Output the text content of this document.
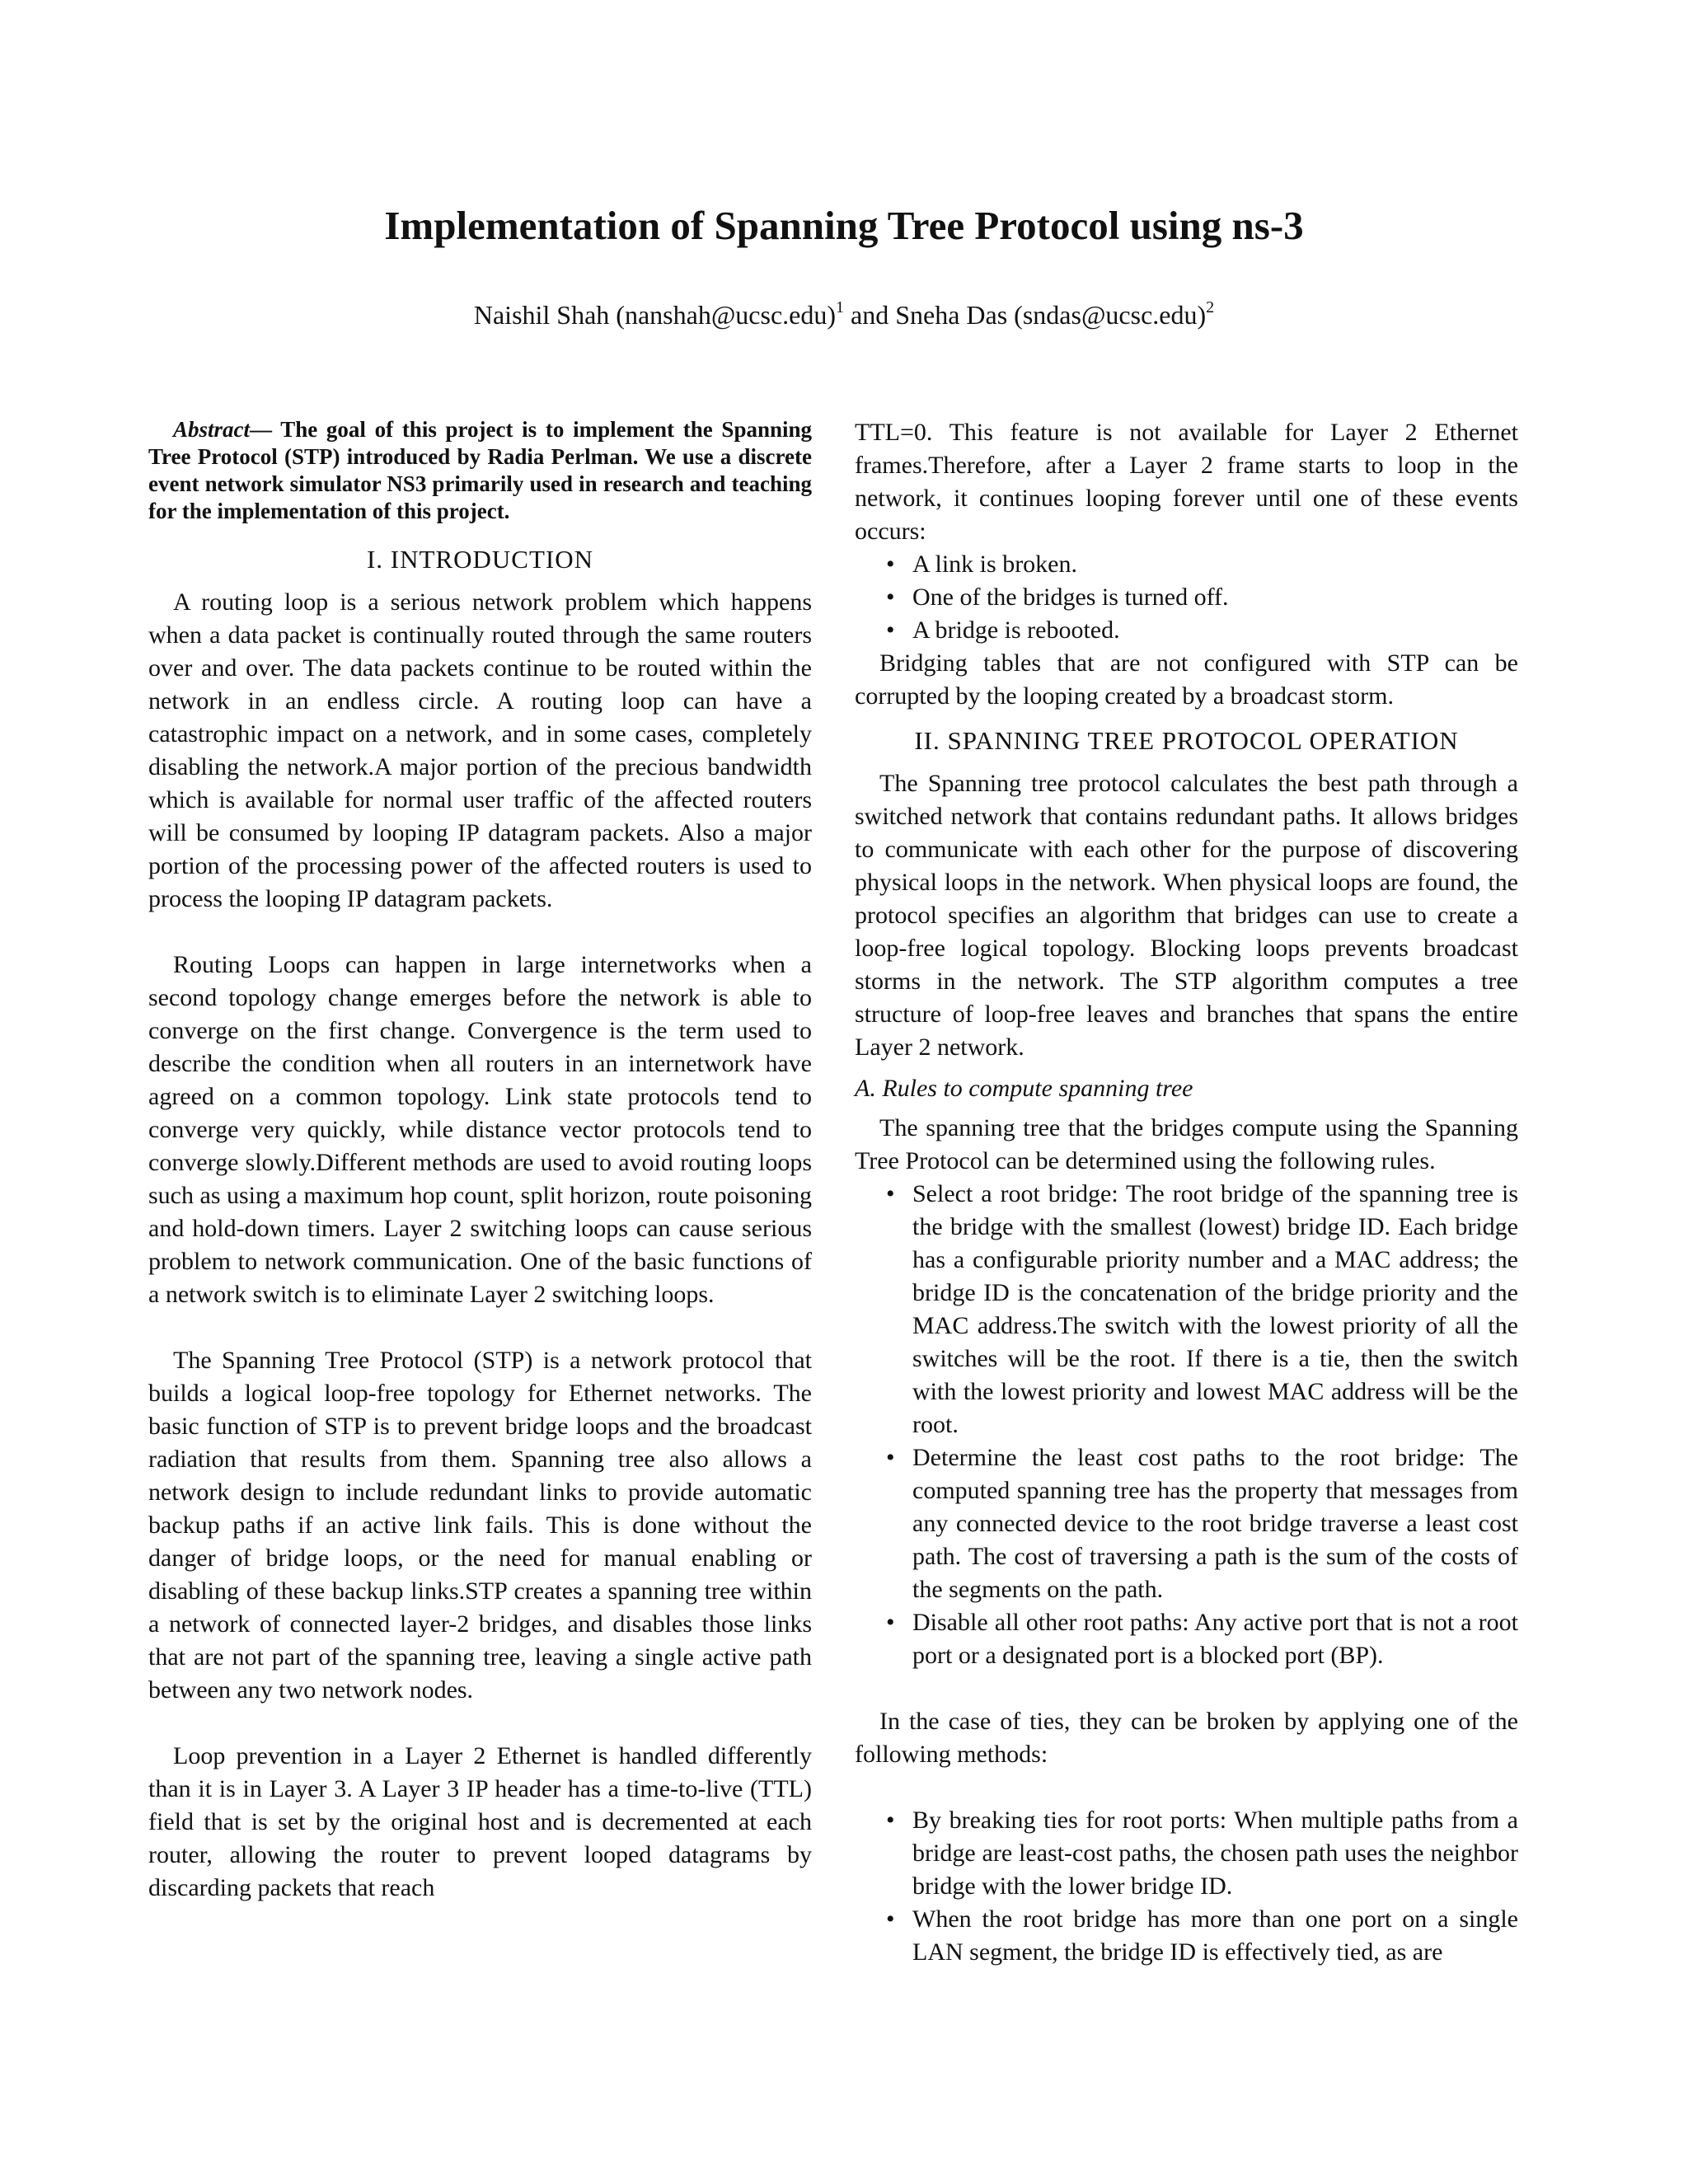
Implementation of Spanning Tree Protocol using ns-3
Naishil Shah (nanshah@ucsc.edu)$^1$ and Sneha Das (sndas@ucsc.edu)$^2$

Abstract— The goal of this project is to implement the Spanning Tree Protocol (STP) introduced by Radia Perlman. We use a discrete event network simulator NS3 primarily used in research and teaching for the implementation of this project.

I. INTRODUCTION

A routing loop is a serious network problem which happens when a data packet is continually routed through the same routers over and over. The data packets continue to be routed within the network in an endless circle. A routing loop can have a catastrophic impact on a network, and in some cases, completely disabling the network.A major portion of the precious bandwidth which is available for normal user traffic of the affected routers will be consumed by looping IP datagram packets. Also a major portion of the processing power of the affected routers is used to process the looping IP datagram packets.

Routing Loops can happen in large internetworks when a second topology change emerges before the network is able to converge on the first change. Convergence is the term used to describe the condition when all routers in an internetwork have agreed on a common topology. Link state protocols tend to converge very quickly, while distance vector protocols tend to converge slowly.Different methods are used to avoid routing loops such as using a maximum hop count, split horizon, route poisoning and hold-down timers. Layer 2 switching loops can cause serious problem to network communication. One of the basic functions of a network switch is to eliminate Layer 2 switching loops.

The Spanning Tree Protocol (STP) is a network protocol that builds a logical loop-free topology for Ethernet networks. The basic function of STP is to prevent bridge loops and the broadcast radiation that results from them. Spanning tree also allows a network design to include redundant links to provide automatic backup paths if an active link fails. This is done without the danger of bridge loops, or the need for manual enabling or disabling of these backup links.STP creates a spanning tree within a network of connected layer-2 bridges, and disables those links that are not part of the spanning tree, leaving a single active path between any two network nodes.

Loop prevention in a Layer 2 Ethernet is handled differently than it is in Layer 3. A Layer 3 IP header has a time-to-live (TTL) field that is set by the original host and is decremented at each router, allowing the router to prevent looped datagrams by discarding packets that reach

TTL=0. This feature is not available for Layer 2 Ethernet frames.Therefore, after a Layer 2 frame starts to loop in the network, it continues looping forever until one of these events occurs:

• A link is broken.
• One of the bridges is turned off.
• A bridge is rebooted.

Bridging tables that are not configured with STP can be corrupted by the looping created by a broadcast storm.

II. SPANNING TREE PROTOCOL OPERATION

The Spanning tree protocol calculates the best path through a switched network that contains redundant paths. It allows bridges to communicate with each other for the purpose of discovering physical loops in the network. When physical loops are found, the protocol specifies an algorithm that bridges can use to create a loop-free logical topology. Blocking loops prevents broadcast storms in the network. The STP algorithm computes a tree structure of loop-free leaves and branches that spans the entire Layer 2 network.

A. Rules to compute spanning tree

The spanning tree that the bridges compute using the Spanning Tree Protocol can be determined using the following rules.

• Select a root bridge: The root bridge of the spanning tree is the bridge with the smallest (lowest) bridge ID. Each bridge has a configurable priority number and a MAC address; the bridge ID is the concatenation of the bridge priority and the MAC address.The switch with the lowest priority of all the switches will be the root. If there is a tie, then the switch with the lowest priority and lowest MAC address will be the root.
• Determine the least cost paths to the root bridge: The computed spanning tree has the property that messages from any connected device to the root bridge traverse a least cost path. The cost of traversing a path is the sum of the costs of the segments on the path.
• Disable all other root paths: Any active port that is not a root port or a designated port is a blocked port (BP).

In the case of ties, they can be broken by applying one of the following methods:

• By breaking ties for root ports: When multiple paths from a bridge are least-cost paths, the chosen path uses the neighbor bridge with the lower bridge ID.
• When the root bridge has more than one port on a single LAN segment, the bridge ID is effectively tied, as are
